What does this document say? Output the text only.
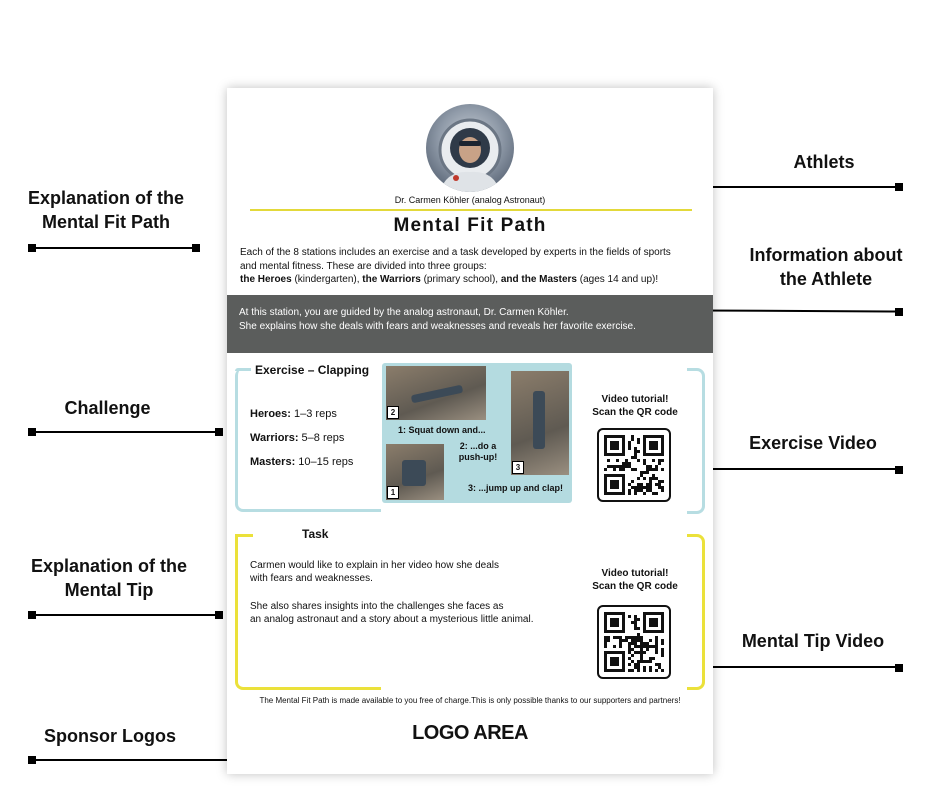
Explanation of the Mental Fit Path
Challenge
Explanation of the Mental Tip
Sponsor Logos
Athlets
Information about the Athlete
Exercise Video
Mental Tip Video
Dr. Carmen Köhler (analog Astronaut)
Mental Fit Path
Each of the 8 stations includes an exercise and a task developed by experts in the fields of sports
and mental fitness. These are divided into three groups:
the Heroes (kindergarten), the Warriors (primary school), and the Masters (ages 14 and up)!
At this station, you are guided by the analog astronaut, Dr. Carmen Köhler.
She explains how she deals with fears and weaknesses and reveals her favorite exercise.
Exercise – Clapping
Heroes: 1–3 reps
Warriors: 5–8 reps
Masters: 10–15 reps
2
1
3
1: Squat down and...
2: ...do a push-up!
3: ...jump up and clap!
Video tutorial!
Scan the QR code
Task
Carmen would like to explain in her video how she deals
with fears and weaknesses.
She also shares insights into the challenges she faces as
an analog astronaut and a story about a mysterious little animal.
Video tutorial!
Scan the QR code
The Mental Fit Path is made available to you free of charge.This is only possible thanks to our supporters and partners!
LOGO AREA
